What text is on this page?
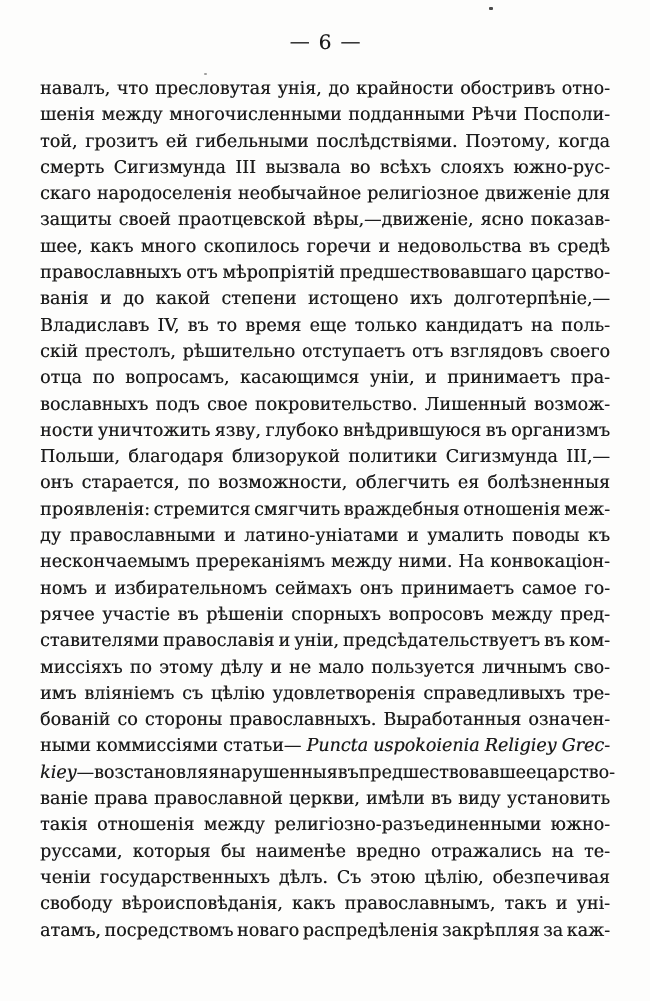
— 6 —
навалъ, что пресловутая унія, до крайности обостривъ отно-
шенія между многочисленными подданными Рѣчи Посполи-
той, грозитъ ей гибельными послѣдствіями. Поэтому, когда
смерть Сигизмунда III вызвала во всѣхъ слояхъ южно-рус-
скаго народоселенія необычайное религіозное движеніе для
защиты своей праотцевской вѣры,—движеніе, ясно показав-
шее, какъ много скопилось горечи и недовольства въ средѣ
православныхъ отъ мѣропріятій предшествовавшаго царство-
ванія и до какой степени истощено ихъ долготерпѣніе,—
Владиславъ IV, въ то время еще только кандидатъ на поль-
скій престолъ, рѣшительно отступаетъ отъ взглядовъ своего
отца по вопросамъ, касающимся уніи, и принимаетъ пра-
вославныхъ подъ свое покровительство. Лишенный возмож-
ности уничтожить язву, глубоко внѣдрившуюся въ организмъ
Польши, благодаря близорукой политики Сигизмунда III,—
онъ старается, по возможности, облегчить ея болѣзненныя
проявленія: стремится смягчить враждебныя отношенія меж-
ду православными и латино-уніатами и умалить поводы къ
нескончаемымъ пререканіямъ между ними. На конвокаціон-
номъ и избирательномъ сеймахъ онъ принимаетъ самое го-
рячее участіе въ рѣшеніи спорныхъ вопросовъ между пред-
ставителями православія и уніи, предсѣдательствуетъ въ ком-
миссіяхъ по этому дѣлу и не мало пользуется личнымъ сво-
имъ вліяніемъ съ цѣлію удовлетворенія справедливыхъ тре-
бованій со стороны православныхъ. Выработанныя означен-
ными коммиссіями статьи— Puncta uspokoienia Religiey Grec-
kiey —возстановляя нарушенныя въ предшествовавшее царство-
ваніе права православной церкви, имѣли въ виду установить
такія отношенія между религіозно-разъединенными южно-
руссами, которыя бы наименѣе вредно отражались на те-
ченіи государственныхъ дѣлъ. Съ этою цѣлію, обезпечивая
свободу вѣроисповѣданія, какъ православнымъ, такъ и уні-
атамъ, посредствомъ новаго распредѣленія закрѣпляя за каж-
